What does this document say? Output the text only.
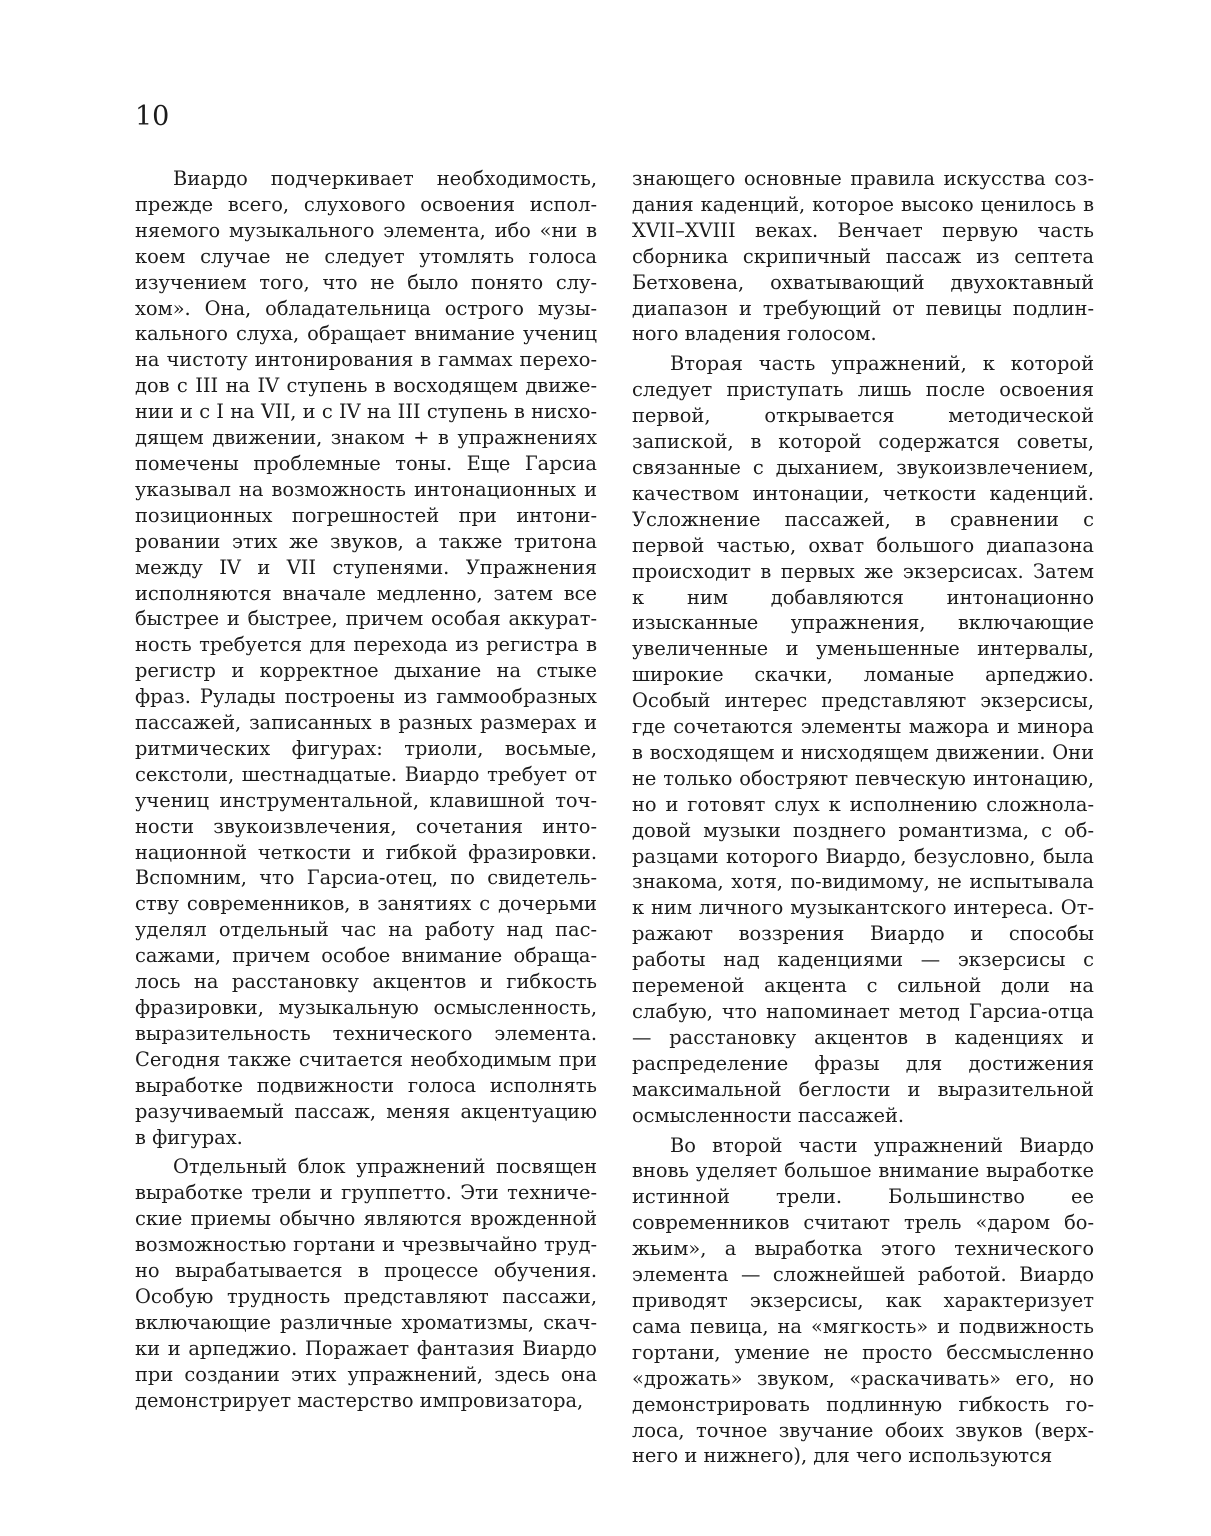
10

Виардо подчеркивает необходимость, прежде всего, слухового освоения исполняемого музыкального элемента, ибо «ни в коем случае не следует утомлять голоса изучением того, что не было понято слухом». Она, обладательница острого музыкального слуха, обращает внимание учениц на чистоту интонирования в гаммах переходов с III на IV ступень в восходящем движении и с I на VII, и с IV на III ступень в нисходящем движении, знаком + в упражнениях помечены проблемные тоны. Еще Гарсиа указывал на возможность интонационных и позиционных погрешностей при интонировании этих же звуков, а также тритона между IV и VII ступенями. Упражнения исполняются вначале медленно, затем все быстрее и быстрее, причем особая аккуратность требуется для перехода из регистра в регистр и корректное дыхание на стыке фраз. Рулады построены из гаммообразных пассажей, записанных в разных размерах и ритмических фигурах: триоли, восьмые, секстоли, шестнадцатые. Виардо требует от учениц инструментальной, клавишной точности звукоизвлечения, сочетания интонационной четкости и гибкой фразировки. Вспомним, что Гарсиа-отец, по свидетельству современников, в занятиях с дочерьми уделял отдельный час на работу над пассажами, причем особое внимание обращалось на расстановку акцентов и гибкость фразировки, музыкальную осмысленность, выразительность технического элемента. Сегодня также считается необходимым при выработке подвижности голоса исполнять разучиваемый пассаж, меняя акцентуацию в фигурах.

Отдельный блок упражнений посвящен выработке трели и группетто. Эти технические приемы обычно являются врожденной возможностью гортани и чрезвычайно трудно вырабатывается в процессе обучения. Особую трудность представляют пассажи, включающие различные хроматизмы, скачки и арпеджио. Поражает фантазия Виардо при создании этих упражнений, здесь она демонстрирует мастерство импровизатора,

знающего основные правила искусства создания каденций, которое высоко ценилось в XVII–XVIII веках. Венчает первую часть сборника скрипичный пассаж из септета Бетховена, охватывающий двухоктавный диапазон и требующий от певицы подлинного владения голосом.

Вторая часть упражнений, к которой следует приступать лишь после освоения первой, открывается методической запиской, в которой содержатся советы, связанные с дыханием, звукоизвлечением, качеством интонации, четкости каденций. Усложнение пассажей, в сравнении с первой частью, охват большого диапазона происходит в первых же экзерсисах. Затем к ним добавляются интонационно изысканные упражнения, включающие увеличенные и уменьшенные интервалы, широкие скачки, ломаные арпеджио. Особый интерес представляют экзерсисы, где сочетаются элементы мажора и минора в восходящем и нисходящем движении. Они не только обостряют певческую интонацию, но и готовят слух к исполнению сложноладовой музыки позднего романтизма, с образцами которого Виардо, безусловно, была знакома, хотя, по-видимому, не испытывала к ним личного музыкантского интереса. Отражают воззрения Виардо и способы работы над каденциями — экзерсисы с переменой акцента с сильной доли на слабую, что напоминает метод Гарсиа-отца — расстановку акцентов в каденциях и распределение фразы для достижения максимальной беглости и выразительной осмысленности пассажей.

Во второй части упражнений Виардо вновь уделяет большое внимание выработке истинной трели. Большинство ее современников считают трель «даром божьим», а выработка этого технического элемента — сложнейшей работой. Виардо приводят экзерсисы, как характеризует сама певица, на «мягкость» и подвижность гортани, умение не просто бессмысленно «дрожать» звуком, «раскачивать» его, но демонстрировать подлинную гибкость голоса, точное звучание обоих звуков (верхнего и нижнего), для чего используются
